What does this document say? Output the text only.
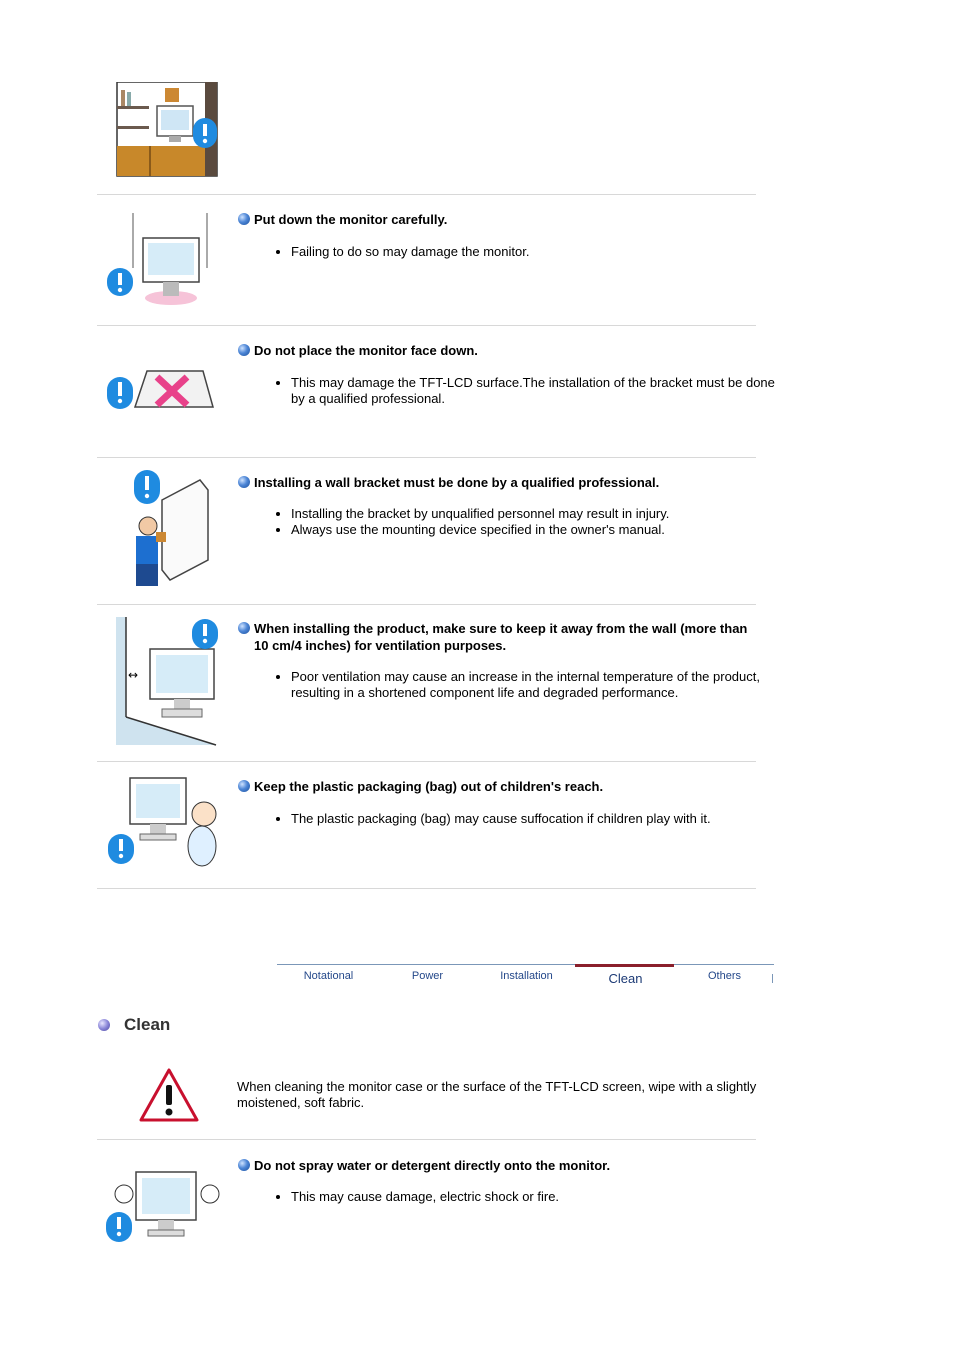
Put down the monitor carefully.
• Failing to do so may damage the monitor.
Do not place the monitor face down.
• This may damage the TFT-LCD surface.The installation of the bracket must be done by a qualified professional.
Installing a wall bracket must be done by a qualified professional.
• Installing the bracket by unqualified personnel may result in injury.
• Always use the mounting device specified in the owner's manual.
↔
When installing the product, make sure to keep it away from the wall (more than 10 cm/4 inches) for ventilation purposes.
• Poor ventilation may cause an increase in the internal temperature of the product, resulting in a shortened component life and degraded performance.
Keep the plastic packaging (bag) out of children's reach.
• The plastic packaging (bag) may cause suffocation if children play with it.
Notational	Power	Installation	Clean	Others
Clean
When cleaning the monitor case or the surface of the TFT-LCD screen, wipe with a slightly moistened, soft fabric.
Do not spray water or detergent directly onto the monitor.
• This may cause damage, electric shock or fire.
